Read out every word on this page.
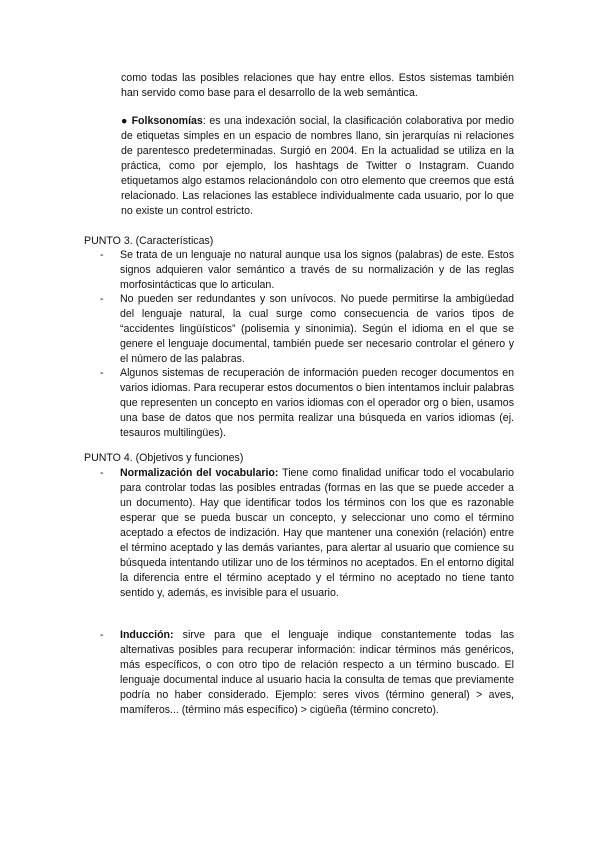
como todas las posibles relaciones que hay entre ellos. Estos sistemas también han servido como base para el desarrollo de la web semántica.

● Folksonomías: es una indexación social, la clasificación colaborativa por medio de etiquetas simples en un espacio de nombres llano, sin jerarquías ni relaciones de parentesco predeterminadas. Surgió en 2004. En la actualidad se utiliza en la práctica, como por ejemplo, los hashtags de Twitter o Instagram. Cuando etiquetamos algo estamos relacionándolo con otro elemento que creemos que está relacionado. Las relaciones las establece individualmente cada usuario, por lo que no existe un control estricto.

PUNTO 3. (Características)

-	Se trata de un lenguaje no natural aunque usa los signos (palabras) de este. Estos signos adquieren valor semántico a través de su normalización y de las reglas morfosintácticas que lo articulan.

-	No pueden ser redundantes y son unívocos. No puede permitirse la ambigüedad del lenguaje natural, la cual surge como consecuencia de varios tipos de “accidentes lingüísticos” (polisemia y sinonimia). Según el idioma en el que se genere el lenguaje documental, también puede ser necesario controlar el género y el número de las palabras.

-	Algunos sistemas de recuperación de información pueden recoger documentos en varios idiomas. Para recuperar estos documentos o bien intentamos incluir palabras que representen un concepto en varios idiomas con el operador org o bien, usamos una base de datos que nos permita realizar una búsqueda en varios idiomas (ej. tesauros multilingües).

PUNTO 4. (Objetivos y funciones)

-	Normalización del vocabulario: Tiene como finalidad unificar todo el vocabulario para controlar todas las posibles entradas (formas en las que se puede acceder a un documento). Hay que identificar todos los términos con los que es razonable esperar que se pueda buscar un concepto, y seleccionar uno como el término aceptado a efectos de indización. Hay que mantener una conexión (relación) entre el término aceptado y las demás variantes, para alertar al usuario que comience su búsqueda intentando utilizar uno de los términos no aceptados. En el entorno digital la diferencia entre el término aceptado y el término no aceptado no tiene tanto sentido y, además, es invisible para el usuario.

-	Inducción: sirve para que el lenguaje indique constantemente todas las alternativas posibles para recuperar información: indicar términos más genéricos, más específicos, o con otro tipo de relación respecto a un término buscado. El lenguaje documental induce al usuario hacia la consulta de temas que previamente podría no haber considerado. Ejemplo: seres vivos (término general) > aves, mamíferos... (término más específico) > cigüeña (término concreto).
